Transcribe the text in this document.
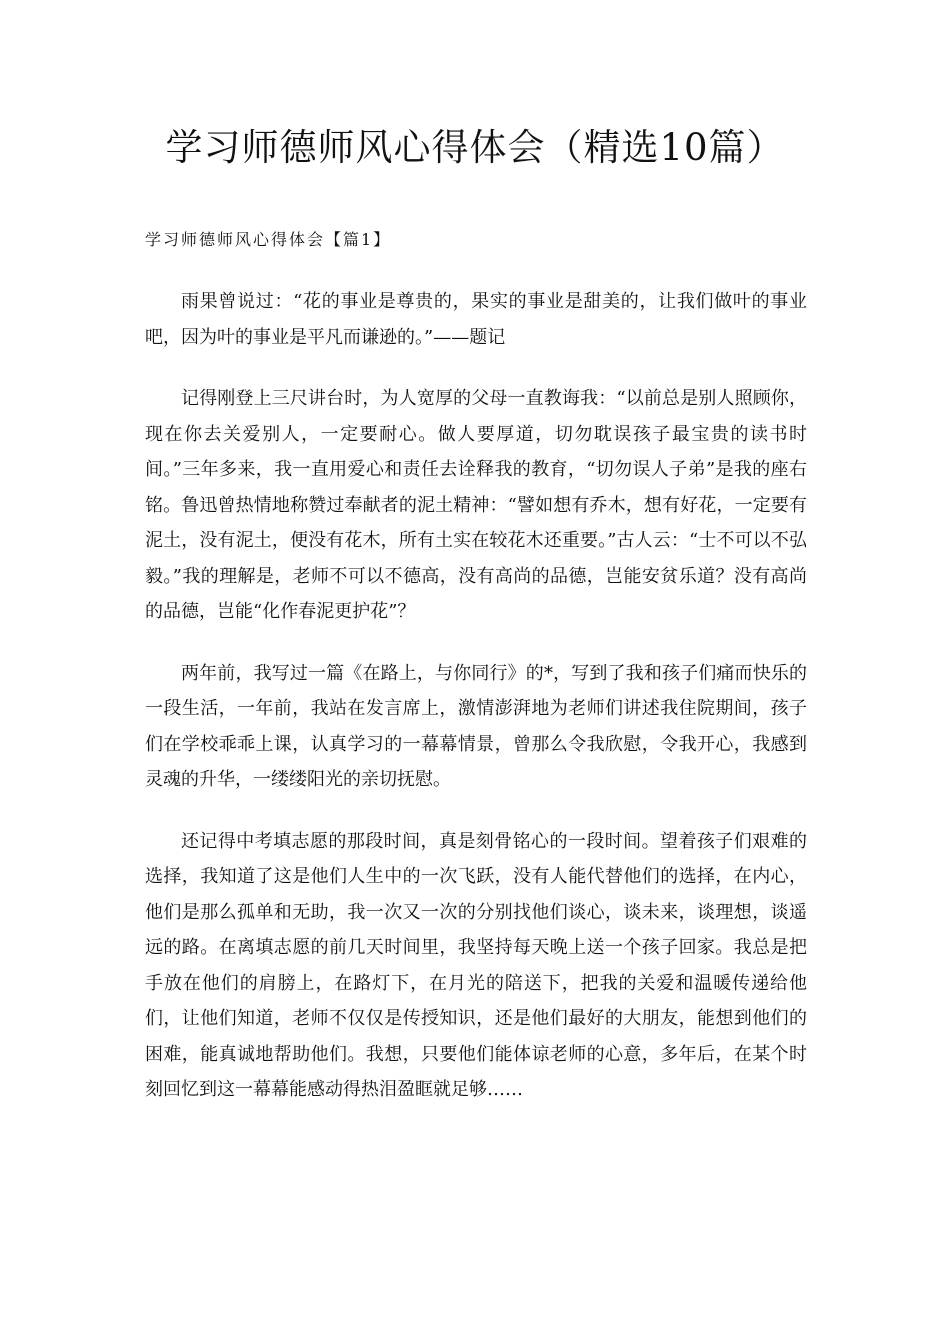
学习师德师风心得体会（精选10篇）
学习师德师风心得体会【篇1】

雨果曾说过：“花的事业是尊贵的，果实的事业是甜美的，让我们做叶的事业吧，因为叶的事业是平凡而谦逊的。”——题记

记得刚登上三尺讲台时，为人宽厚的父母一直教诲我：“以前总是别人照顾你，现在你去关爱别人，一定要耐心。做人要厚道，切勿耽误孩子最宝贵的读书时间。”三年多来，我一直用爱心和责任去诠释我的教育，“切勿误人子弟”是我的座右铭。鲁迅曾热情地称赞过奉献者的泥土精神：“譬如想有乔木，想有好花，一定要有泥土，没有泥土，便没有花木，所有土实在较花木还重要。”古人云：“士不可以不弘毅。”我的理解是，老师不可以不德高，没有高尚的品德，岂能安贫乐道？没有高尚的品德，岂能“化作春泥更护花”？

两年前，我写过一篇《在路上，与你同行》的*，写到了我和孩子们痛而快乐的一段生活，一年前，我站在发言席上，激情澎湃地为老师们讲述我住院期间，孩子们在学校乖乖上课，认真学习的一幕幕情景，曾那么令我欣慰，令我开心，我感到灵魂的升华，一缕缕阳光的亲切抚慰。

还记得中考填志愿的那段时间，真是刻骨铭心的一段时间。望着孩子们艰难的选择，我知道了这是他们人生中的一次飞跃，没有人能代替他们的选择，在内心，他们是那么孤单和无助，我一次又一次的分别找他们谈心，谈未来，谈理想，谈遥远的路。在离填志愿的前几天时间里，我坚持每天晚上送一个孩子回家。我总是把手放在他们的肩膀上，在路灯下，在月光的陪送下，把我的关爱和温暖传递给他们，让他们知道，老师不仅仅是传授知识，还是他们最好的大朋友，能想到他们的困难，能真诚地帮助他们。我想，只要他们能体谅老师的心意，多年后，在某个时刻回忆到这一幕幕能感动得热泪盈眶就足够……
